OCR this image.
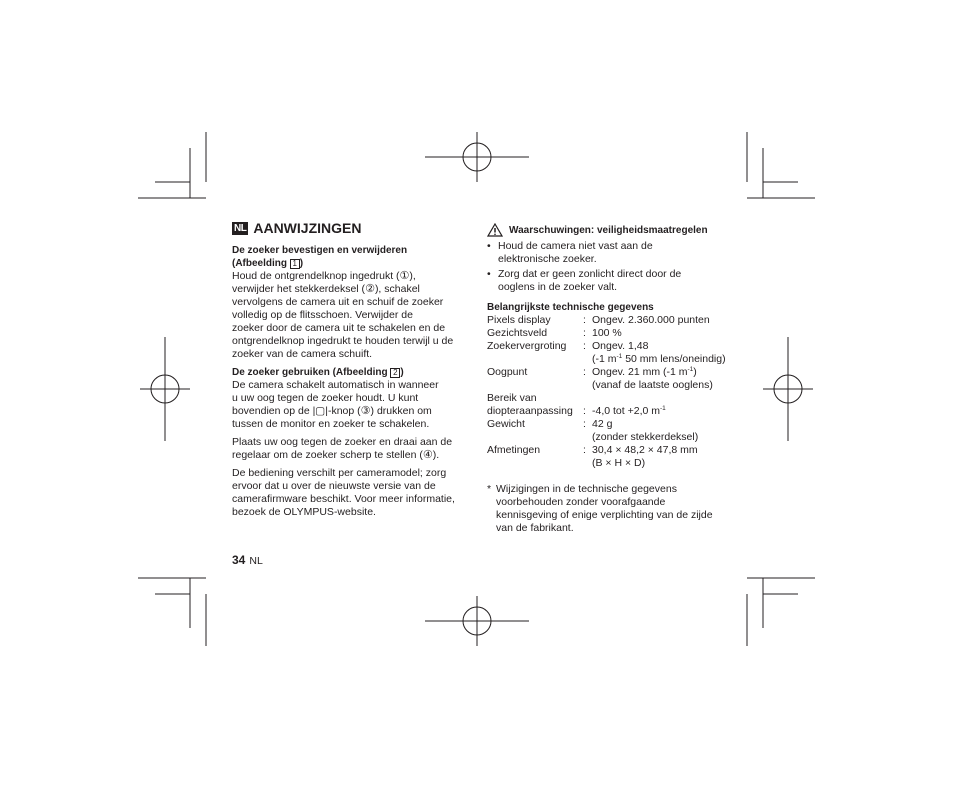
NL AANWIJZINGEN
De zoeker bevestigen en verwijderen
(Afbeelding 1 )
Houd de ontgrendelknop ingedrukt (①),
verwijder het stekkerdeksel (②), schakel
vervolgens de camera uit en schuif de zoeker
volledig op de flitsschoen. Verwijder de
zoeker door de camera uit te schakelen en de
ontgrendelknop ingedrukt te houden terwijl u de
zoeker van de camera schuift.
De zoeker gebruiken (Afbeelding 2 )
De camera schakelt automatisch in wanneer
u uw oog tegen de zoeker houdt. U kunt
bovendien op de |▢|-knop (③) drukken om
tussen de monitor en zoeker te schakelen.
Plaats uw oog tegen de zoeker en draai aan de
regelaar om de zoeker scherp te stellen (④).
De bediening verschilt per cameramodel; zorg
ervoor dat u over de nieuwste versie van de
camerafirmware beschikt. Voor meer informatie,
bezoek de OLYMPUS-website.
Waarschuwingen: veiligheidsmaatregelen
• Houd de camera niet vast aan de
elektronische zoeker.
• Zorg dat er geen zonlicht direct door de
ooglens in de zoeker valt.
Belangrijkste technische gegevens
Pixels display	: Ongev. 2.360.000 punten
Gezichtsveld	: 100 %
Zoekervergroting	: Ongev. 1,48
(-1 $m^{-1}$ 50 mm lens/oneindig)
Oogpunt	: Ongev. 21 mm (-1 $m^{-1}$)
(vanaf de laatste ooglens)
Bereik van
diopteraanpassing : -4,0 tot +2,0 $m^{-1}$
Gewicht	: 42 g
(zonder stekkerdeksel)
Afmetingen	: 30,4 × 48,2 × 47,8 mm
(B × H × D)
* Wijzigingen in de technische gegevens
voorbehouden zonder voorafgaande
kennisgeving of enige verplichting van de zijde
van de fabrikant.
34 NL
